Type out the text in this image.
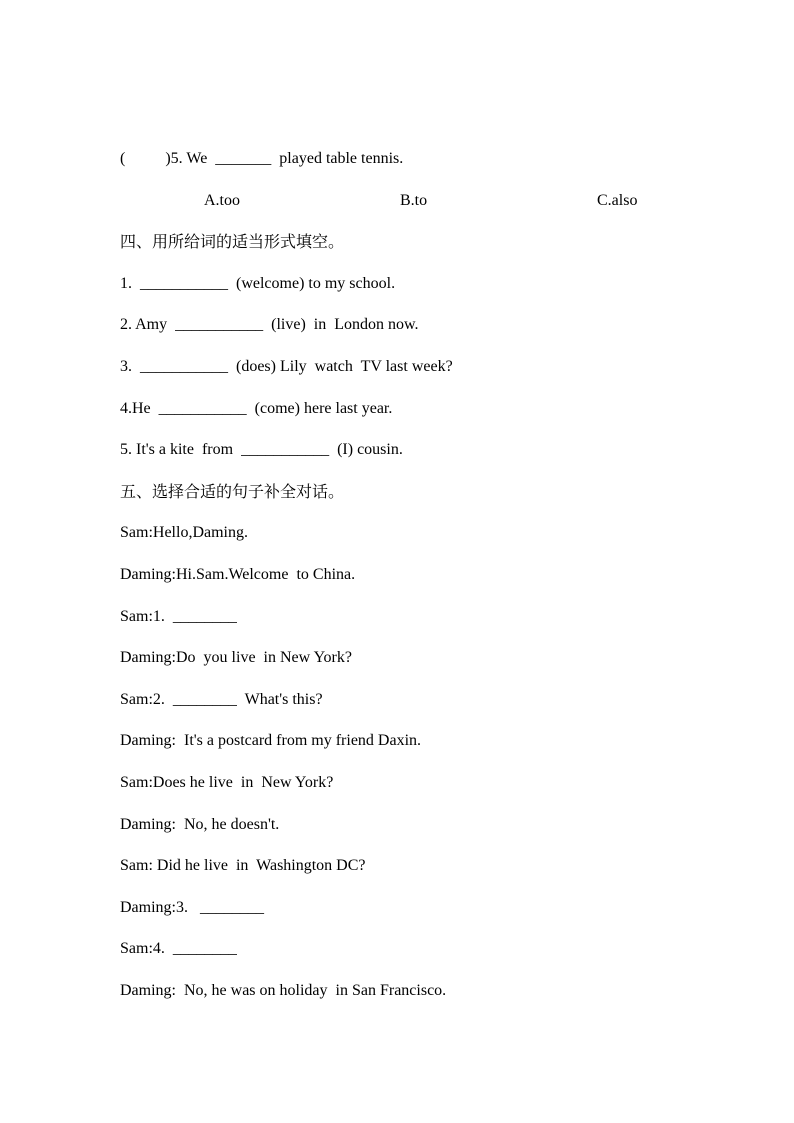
(          )5. We  _______  played table tennis.
A.too	B.to	C.also
四、用所给词的适当形式填空。
1.  ___________  (welcome) to my school.
2. Amy  ___________  (live)  in  London now.
3.  ___________  (does) Lily  watch  TV last week?
4.He  ___________  (come) here last year.
5. It's a kite  from  ___________  (I) cousin.
五、选择合适的句子补全对话。
Sam:Hello,Daming.
Daming:Hi.Sam.Welcome  to China.
Sam:1.  ________
Daming:Do  you live  in New York?
Sam:2.  ________  What's this?
Daming:  It's a postcard from my friend Daxin.
Sam:Does he live  in  New York?
Daming:  No, he doesn't.
Sam: Did he live  in  Washington DC?
Daming:3.   ________
Sam:4.  ________
Daming:  No, he was on holiday  in San Francisco.
